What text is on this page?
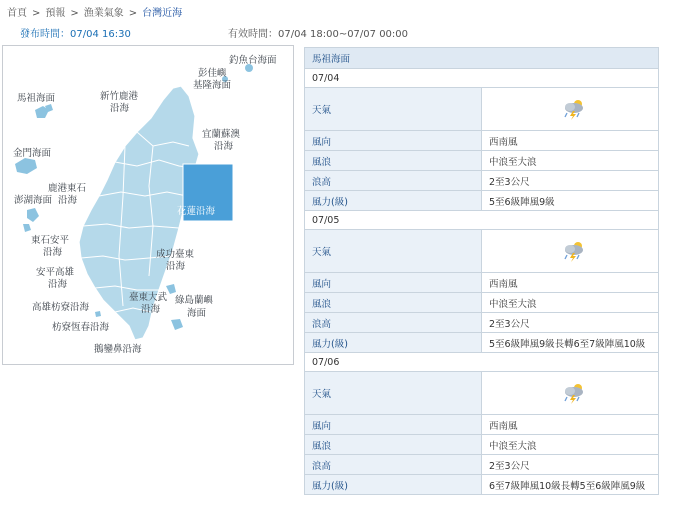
首頁 > 預報 > 漁業氣象 > 台灣近海
發布時間：07/04 16:30	有效時間：07/04 18:00~07/07 00:00
釣魚台海面
彭佳嶼
基隆海面
宜蘭蘇澳
沿海
花蓮沿海
成功臺東
沿海
綠島蘭嶼
海面
臺東大武
沿海
鵝鑾鼻沿海
枋寮恆春沿海
高雄枋寮沿海
安平高雄
沿海
東石安平
沿海
澎湖海面
鹿港東石
沿海
金門海面
馬祖海面	新竹鹿港
沿海
馬祖海面	
07/04	
天氣	

風向	西南風
風浪	中浪至大浪
浪高	2至3公尺
風力(級)	5至6級陣風9級
07/05	
天氣	

風向	西南風
風浪	中浪至大浪
浪高	2至3公尺
風力(級)	5至6級陣風9級長轉6至7級陣風10級
07/06	
天氣	

風向	西南風
風浪	中浪至大浪
浪高	2至3公尺
風力(級)	6至7級陣風10級長轉5至6級陣風9級
